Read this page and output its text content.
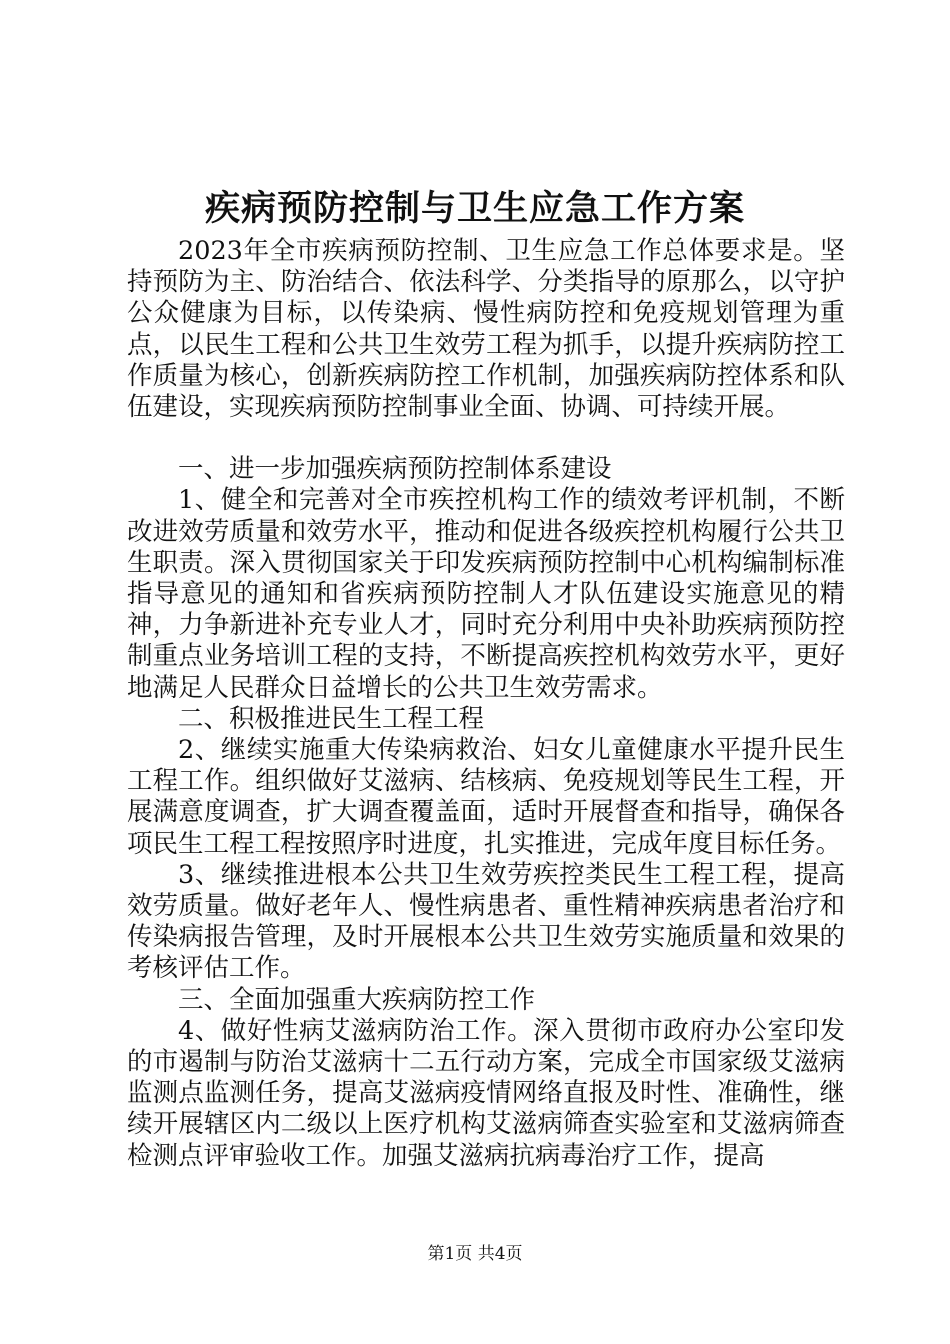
疾病预防控制与卫生应急工作方案

2023年全市疾病预防控制、卫生应急工作总体要求是。坚持预防为主、防治结合、依法科学、分类指导的原那么，以守护公众健康为目标，以传染病、慢性病防控和免疫规划管理为重点，以民生工程和公共卫生效劳工程为抓手，以提升疾病防控工作质量为核心，创新疾病防控工作机制，加强疾病防控体系和队伍建设，实现疾病预防控制事业全面、协调、可持续开展。

一、进一步加强疾病预防控制体系建设

1、健全和完善对全市疾控机构工作的绩效考评机制，不断改进效劳质量和效劳水平，推动和促进各级疾控机构履行公共卫生职责。深入贯彻国家关于印发疾病预防控制中心机构编制标准指导意见的通知和省疾病预防控制人才队伍建设实施意见的精神，力争新进补充专业人才，同时充分利用中央补助疾病预防控制重点业务培训工程的支持，不断提高疾控机构效劳水平，更好地满足人民群众日益增长的公共卫生效劳需求。

二、积极推进民生工程工程

2、继续实施重大传染病救治、妇女儿童健康水平提升民生工程工作。组织做好艾滋病、结核病、免疫规划等民生工程，开展满意度调查，扩大调查覆盖面，适时开展督查和指导，确保各项民生工程工程按照序时进度，扎实推进，完成年度目标任务。

3、继续推进根本公共卫生效劳疾控类民生工程工程，提高效劳质量。做好老年人、慢性病患者、重性精神疾病患者治疗和传染病报告管理，及时开展根本公共卫生效劳实施质量和效果的考核评估工作。

三、全面加强重大疾病防控工作

4、做好性病艾滋病防治工作。深入贯彻市政府办公室印发的市遏制与防治艾滋病十二五行动方案，完成全市国家级艾滋病监测点监测任务，提高艾滋病疫情网络直报及时性、准确性，继续开展辖区内二级以上医疗机构艾滋病筛查实验室和艾滋病筛查检测点评审验收工作。加强艾滋病抗病毒治疗工作，提高

第1页 共4页
